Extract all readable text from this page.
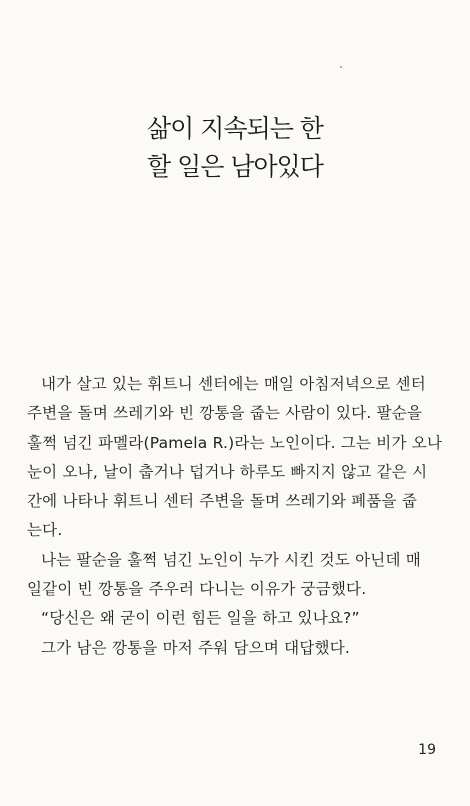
삶이 지속되는 한
할 일은 남아있다
내가 살고 있는 휘트니 센터에는 매일 아침저녁으로 센터
주변을 돌며 쓰레기와 빈 깡통을 줍는 사람이 있다. 팔순을
훌쩍 넘긴 파멜라(Pamela R.)라는 노인이다. 그는 비가 오나
눈이 오나, 날이 춥거나 덥거나 하루도 빠지지 않고 같은 시
간에 나타나 휘트니 센터 주변을 돌며 쓰레기와 폐품을 줍
는다.
나는 팔순을 훌쩍 넘긴 노인이 누가 시킨 것도 아닌데 매
일같이 빈 깡통을 주우러 다니는 이유가 궁금했다.
“당신은 왜 굳이 이런 힘든 일을 하고 있나요?”
그가 남은 깡통을 마저 주워 담으며 대답했다.
19
